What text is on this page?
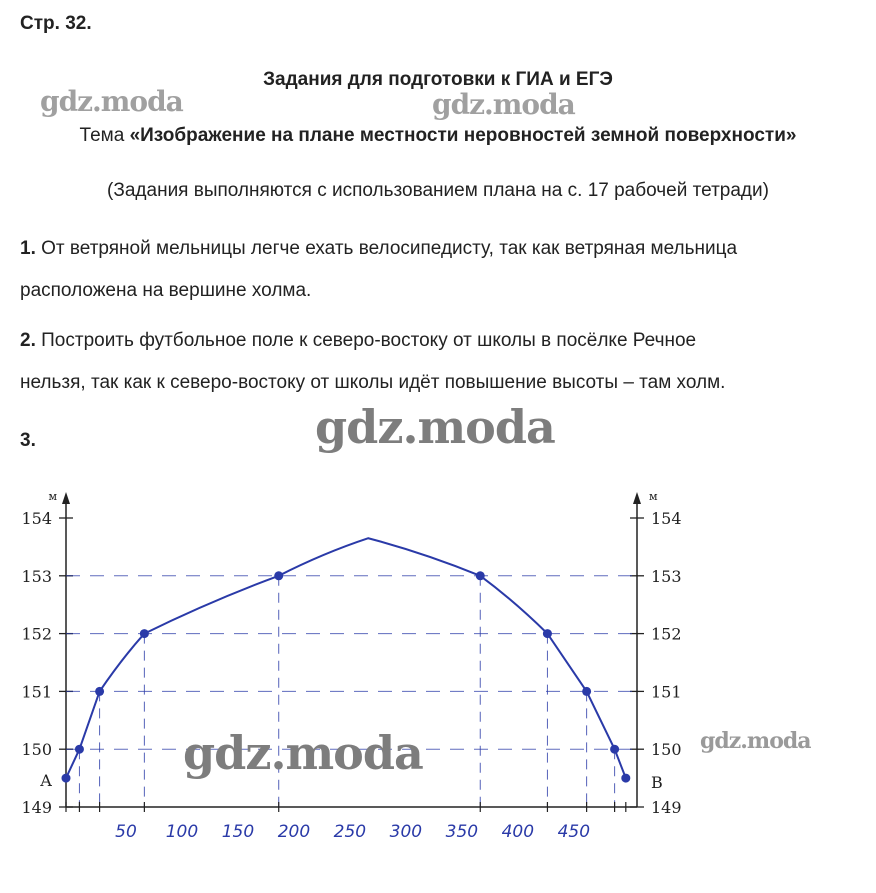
Стр. 32.
Задания для подготовки к ГИА и ЕГЭ
Тема «Изображение на плане местности неровностей земной поверхности»
(Задания выполняются с использованием плана на с. 17 рабочей тетради)
1. От ветряной мельницы легче ехать велосипедисту, так как ветряная мельница
расположена на вершине холма.
2. Построить футбольное поле к северо-востоку от школы в посёлке Речное
нельзя, так как к северо-востоку от школы идёт повышение высоты – там холм.
3.
gdz.moda	gdz.moda
м	м
149	149
150	150
151	151
152	152
153	153
154	154
А	В
50 100 150 200 250 300 350 400 450
gdz.moda
gdz.moda	gdz.moda
